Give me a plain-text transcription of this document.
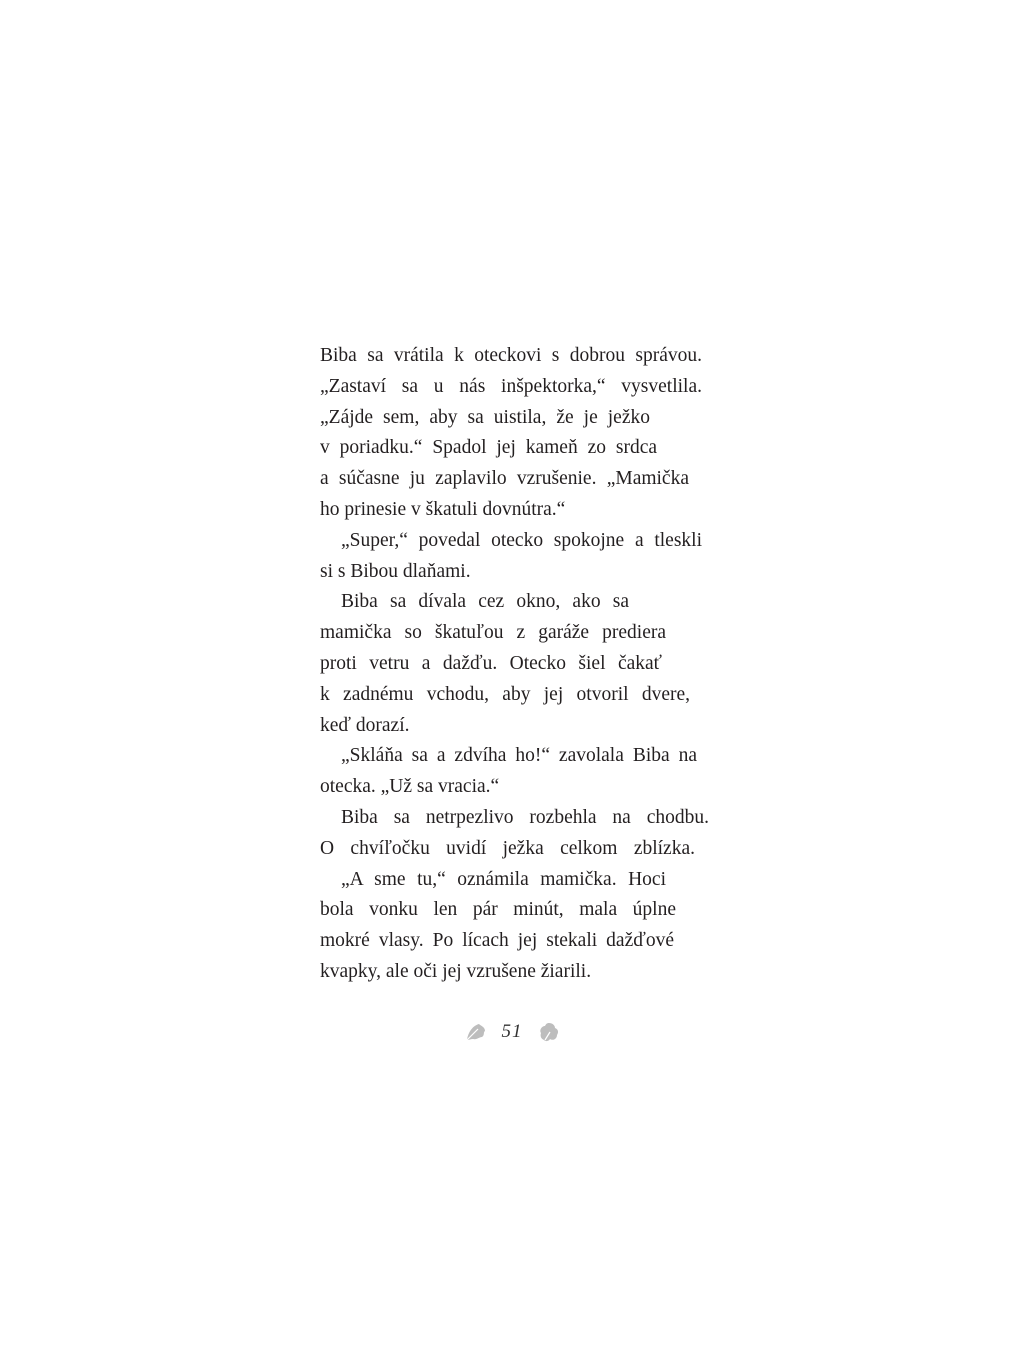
Biba sa vrátila k oteckovi s dobrou správou.
„Zastaví sa u nás inšpektorka,“ vysvetlila.
„Zájde sem, aby sa uistila, že je ježko
v poriadku.“ Spadol jej kameň zo srdca
a súčasne ju zaplavilo vzrušenie. „Mamička
ho prinesie v škatuli dovnútra.“
„Super,“ povedal otecko spokojne a tleskli
si s Bibou dlaňami.
Biba sa dívala cez okno, ako sa
mamička so škatuľou z garáže prediera
proti vetru a dažďu. Otecko šiel čakať
k zadnému vchodu, aby jej otvoril dvere,
keď dorazí.
„Skláňa sa a zdvíha ho!“ zavolala Biba na
otecka. „Už sa vracia.“
Biba sa netrpezlivo rozbehla na chodbu.
O chvíľočku uvidí ježka celkom zblízka.
„A sme tu,“ oznámila mamička. Hoci
bola vonku len pár minút, mala úplne
mokré vlasy. Po lícach jej stekali dažďové
kvapky, ale oči jej vzrušene žiarili.
51
